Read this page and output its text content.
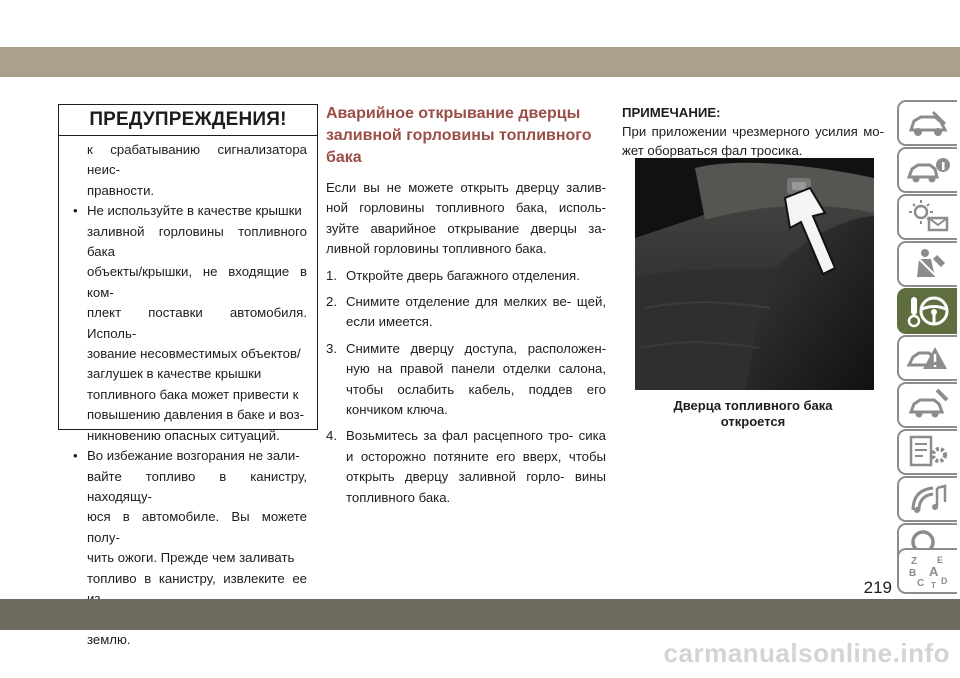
ПРЕДУПРЕЖДЕНИЯ!

к срабатыванию сигнализатора неис-

правности.

• Не используйте в качестве крышки

заливной горловины топливного бака

объекты/крышки, не входящие в ком-

плект поставки автомобиля. Исполь-

зование несовместимых объектов/

заглушек в качестве крышки

топливного бака может привести к

повышению давления в баке и воз-

никновению опасных ситуаций.

• Во избежание возгорания не зали-

вайте топливо в канистру, находящу-

юся в автомобиле. Вы можете полу-

чить ожоги. Прежде чем заливать

топливо в канистру, извлеките ее

землю.

Аварийное открывание дверцы
заливной горловины топливного
бака

Если вы не можете открыть дверцу залив- ной горловины топливного бака, исполь- зуйте аварийное открывание дверцы за- ливной горловины топливного бака.

1. Откройте дверь багажного отделения.
2. Снимите отделение для мелких ве- щей, если имеется.
3. Снимите дверцу доступа, расположен- ную на правой панели отделки салона, чтобы ослабить кабель, поддев его кончиком ключа.
4. Возьмитесь за фал расцепного тро- сика и осторожно потяните его вверх, чтобы открыть дверцу заливной горло- вины топливного бака.

ПРИМЕЧАНИЕ:

При приложении чрезмерного усилия мо- жет оборваться фал тросика.

Дверца топливного бака
откроется
Z E
B A
C D
T
219
carmanualsonline.info
